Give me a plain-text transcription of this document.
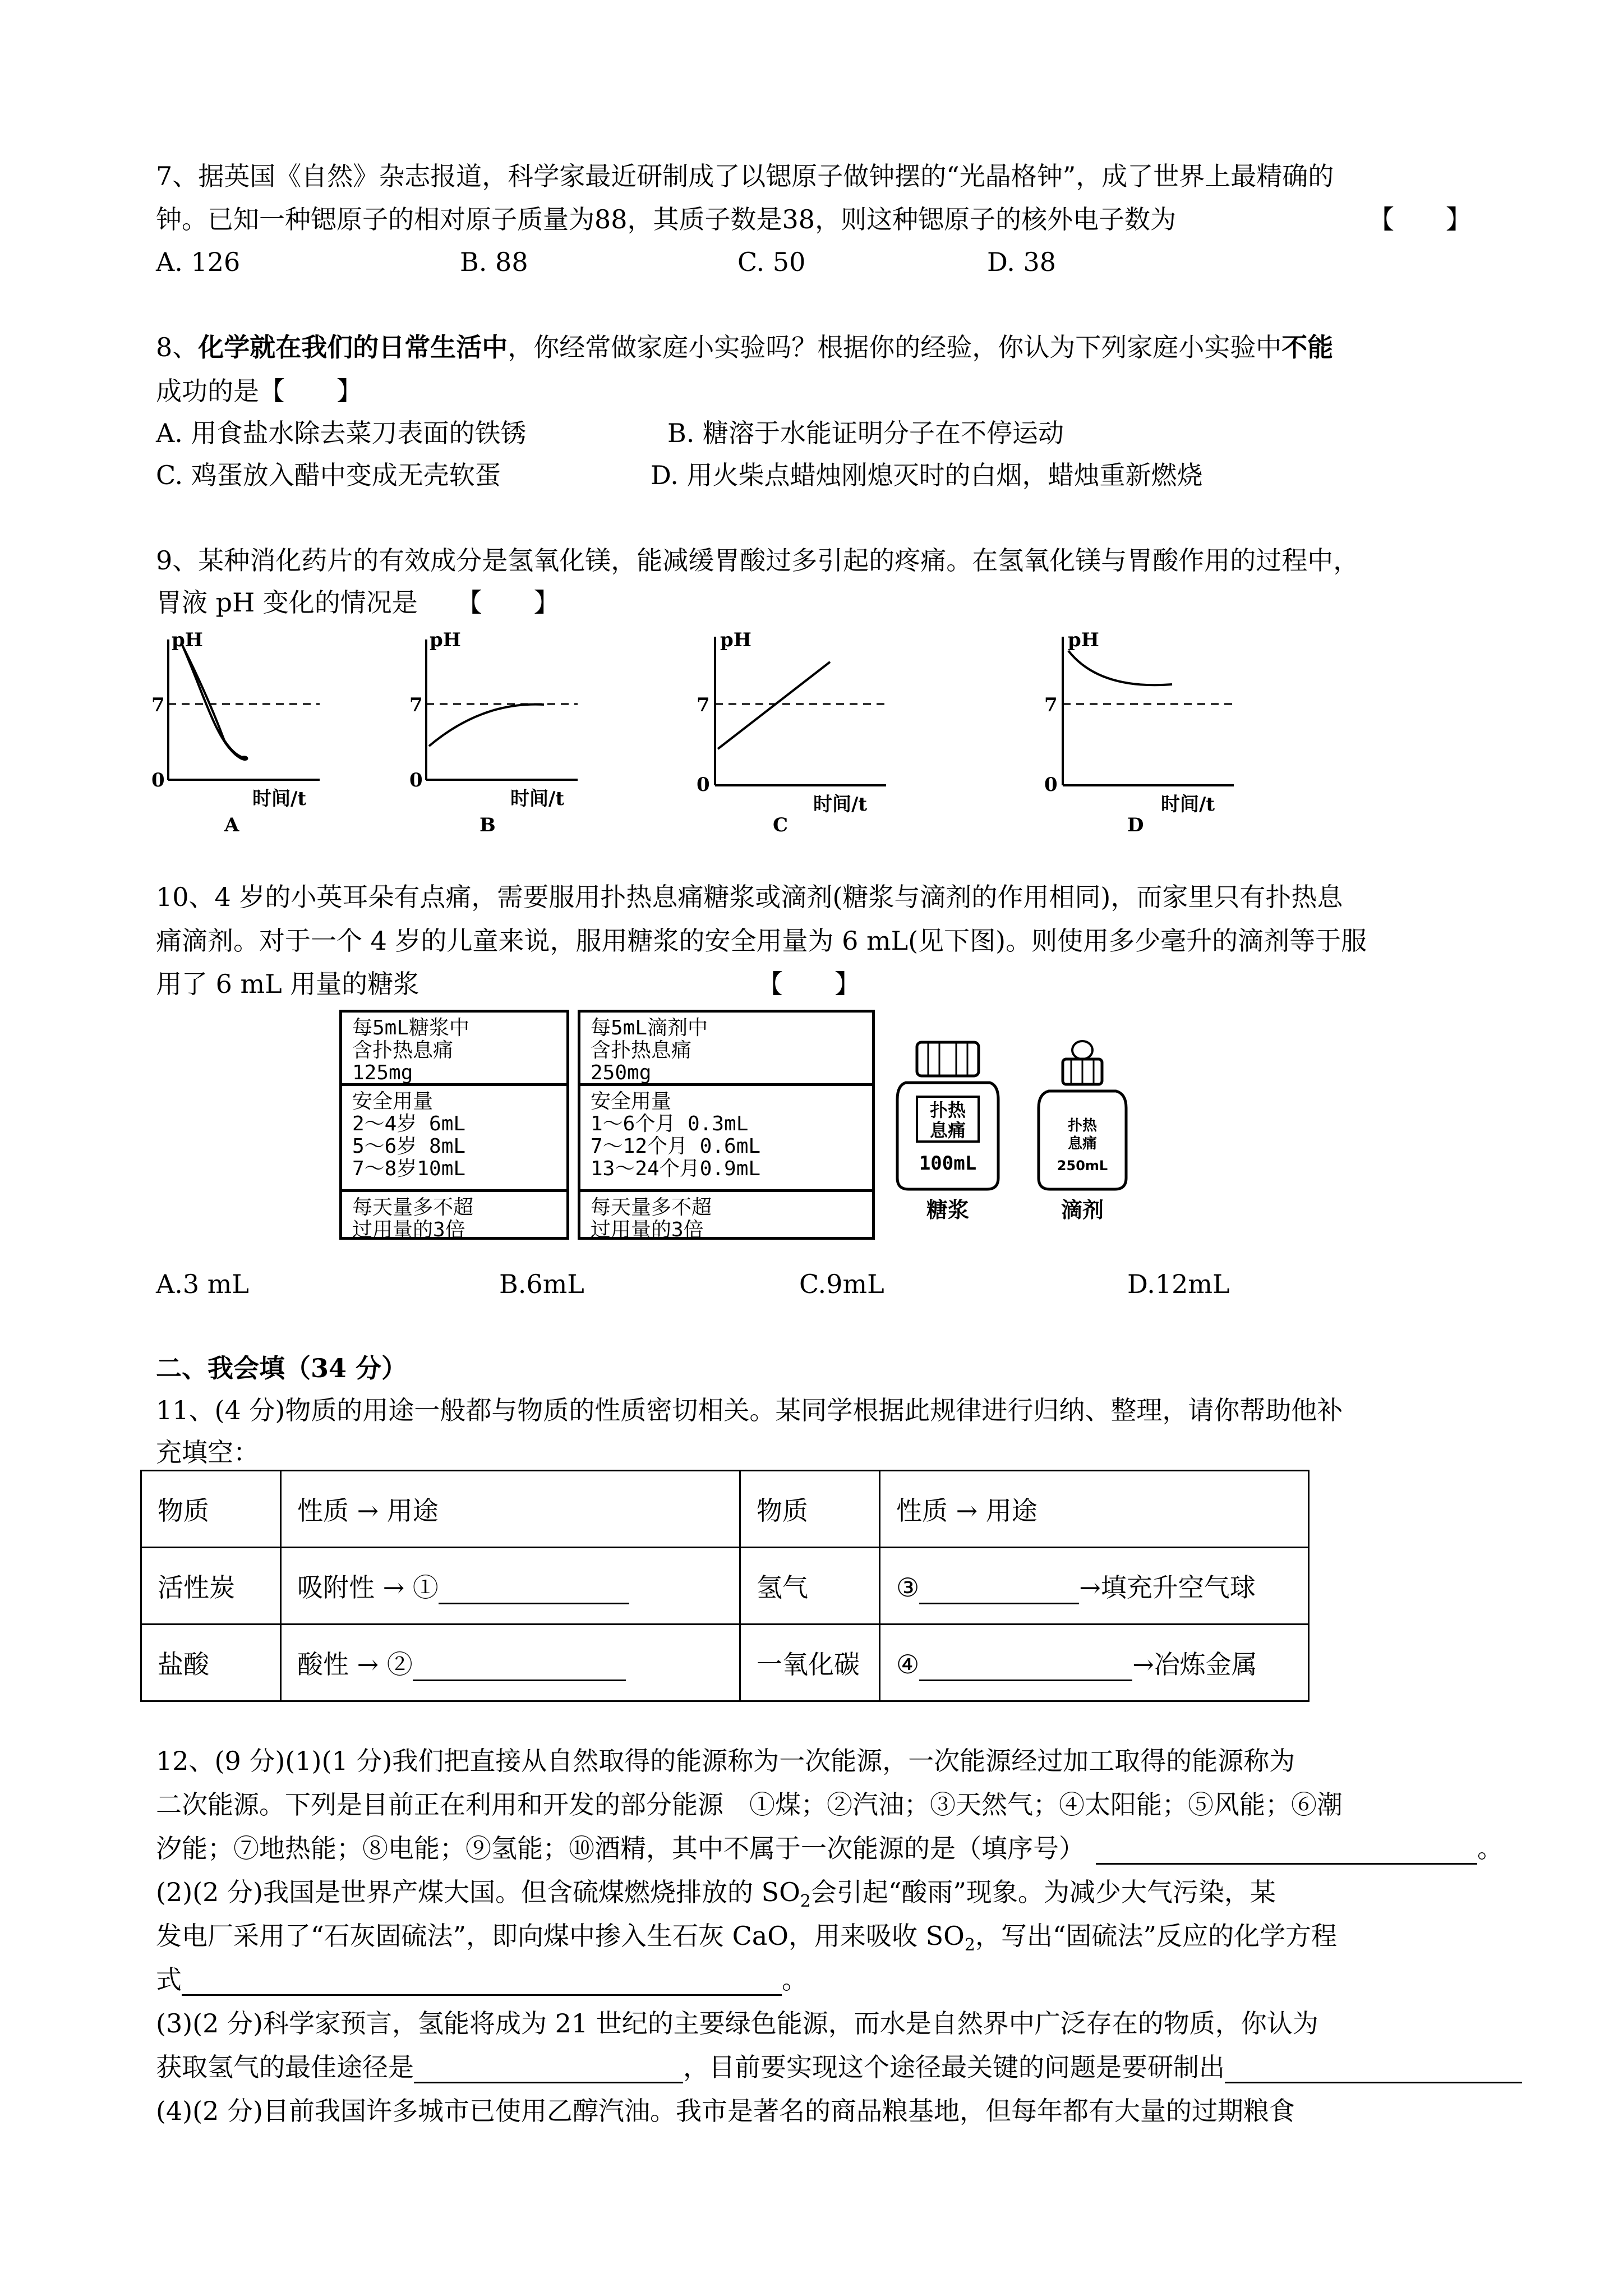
7、据英国《自然》杂志报道，科学家最近研制成了以锶原子做钟摆的“光晶格钟”，成了世界上最精确的
钟。已知一种锶原子的相对原子质量为88，其质子数是38，则这种锶原子的核外电子数为	【　　】
A. 126	B. 88	C. 50	D. 38
8、化学就在我们的日常生活中，你经常做家庭小实验吗？根据你的经验，你认为下列家庭小实验中不能
成功的是【　　】
A. 用食盐水除去菜刀表面的铁锈	B. 糖溶于水能证明分子在不停运动
C. 鸡蛋放入醋中变成无壳软蛋	D. 用火柴点蜡烛刚熄灭时的白烟，蜡烛重新燃烧
9、某种消化药片的有效成分是氢氧化镁，能减缓胃酸过多引起的疼痛。在氢氧化镁与胃酸作用的过程中，
胃液 pH 变化的情况是　　【　　】
pH
7
0
时间/t
A
pH
7
0
时间/t
B
pH
7
0
时间/t
C
pH
7
0
时间/t
D
10、4 岁的小英耳朵有点痛，需要服用扑热息痛糖浆或滴剂(糖浆与滴剂的作用相同)，而家里只有扑热息
痛滴剂。对于一个 4 岁的儿童来说，服用糖浆的安全用量为 6 mL(见下图)。则使用多少毫升的滴剂等于服
用了 6 mL 用量的糖浆	【　　】
每5mL糖浆中
含扑热息痛
125mg
安全用量
2～4岁 6mL
5～6岁 8mL
7～8岁10mL
每天量多不超
过用量的3倍
每5mL滴剂中
含扑热息痛
250mg
安全用量
1～6个月 0.3mL
7～12个月 0.6mL
13～24个月0.9mL
每天量多不超
过用量的3倍
扑热
息痛
100mL
糖浆
扑热
息痛
250mL
滴剂
A.3 mL	B.6mL	C.9mL	D.12mL
二、我会填（34 分）
11、(4 分)物质的用途一般都与物质的性质密切相关。某同学根据此规律进行归纳、整理，请你帮助他补
充填空：
物质	性质 → 用途	物质	性质 → 用途
活性炭	吸附性 → ①	氢气	③ →填充升空气球
盐酸	酸性 → ②	一氧化碳	④ →冶炼金属
12、(9 分)(1)(1 分)我们把直接从自然取得的能源称为一次能源，一次能源经过加工取得的能源称为
二次能源。下列是目前正在利用和开发的部分能源　①煤；②汽油；③天然气；④太阳能；⑤风能；⑥潮
汐能；⑦地热能；⑧电能；⑨氢能；⑩酒精，其中不属于一次能源的是（填序号）	。
(2)(2 分)我国是世界产煤大国。但含硫煤燃烧排放的 $SO_2$会引起“酸雨”现象。为减少大气污染，某
发电厂采用了“石灰固硫法”，即向煤中掺入生石灰 CaO，用来吸收 $SO_2$，写出“固硫法”反应的化学方程
式	。
(3)(2 分)科学家预言，氢能将成为 21 世纪的主要绿色能源，而水是自然界中广泛存在的物质，你认为
获取氢气的最佳途径是	，目前要实现这个途径最关键的问题是要研制出
(4)(2 分)目前我国许多城市已使用乙醇汽油。我市是著名的商品粮基地，但每年都有大量的过期粮食
